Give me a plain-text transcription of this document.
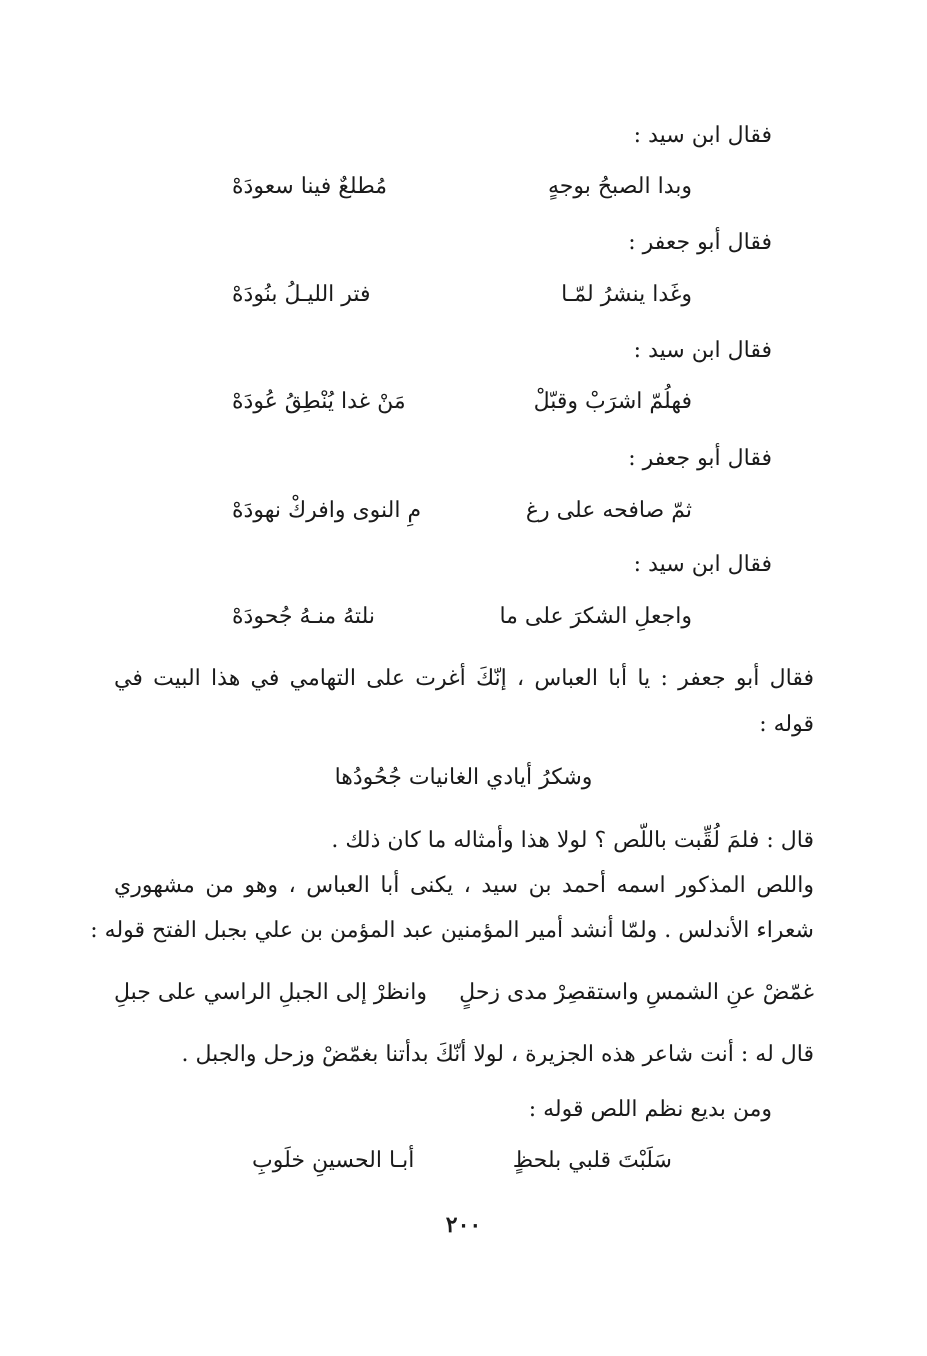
فقال ابن سيد :
وبدا الصبحُ بوجهٍ
مُطلعٌ فينا سعودَهْ
فقال أبو جعفر :
وغَدا ينشرُ لمّـا
فتر الليـلُ بنُودَهْ
فقال ابن سيد :
فهلُمّ اشرَبْ وقبّلْ
مَنْ غدا يُنْطِقُ عُودَهْ
فقال أبو جعفر :
ثمّ صافحه على رغ
مِ النوى وافركْ نهودَهْ
فقال ابن سيد :
واجعلِ الشكرَ على ما
نلتهُ منـهُ جُحودَهْ
فقال أبو جعفر : يا أبا العباس ، إنّكَ أغرت على التهامي في هذا البيت في
قوله :
وشكرُ أيادي الغانيات جُحُودُها
قال : فلمَ لُقِّبت باللّص ؟ لولا هذا وأمثاله ما كان ذلك .
واللص المذكور اسمه أحمد بن سيد ، يكنى أبا العباس ، وهو من مشهوري
شعراء الأندلس . ولمّا أنشد أمير المؤمنين عبد المؤمن بن علي بجبل الفتح قوله :
غمّضْ عنِ الشمسِ واستقصِرْ مدى زحلٍ
وانظرْ إلى الجبلِ الراسي على جبلِ
قال له : أنت شاعر هذه الجزيرة ، لولا أنّكَ بدأتنا بغمّضْ وزحل والجبل .
ومن بديع نظم اللص قوله :
سَلَبْتَ قلبي بلحظٍ
أبـا الحسينِ خلَوبِ
٢٠٠
